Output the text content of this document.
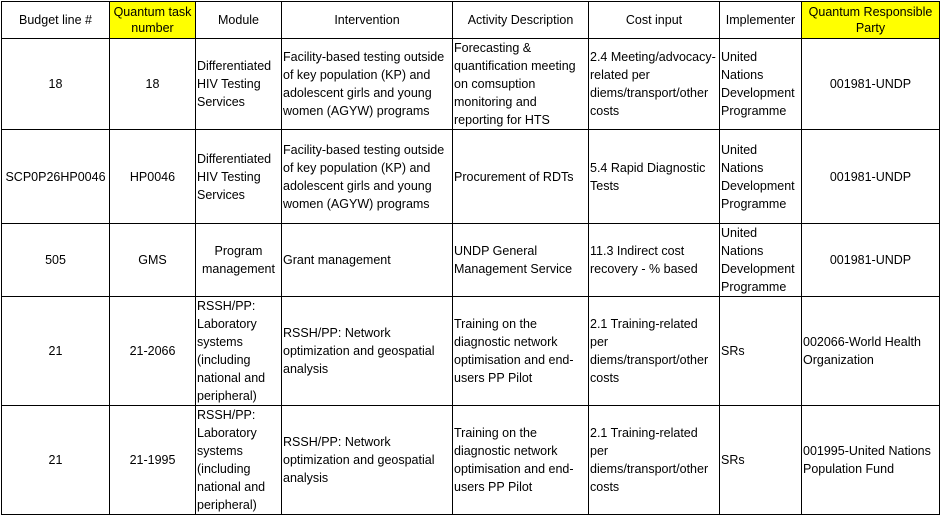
Budget line #	Quantum task number	Module	Intervention	Activity Description	Cost input	Implementer	Quantum Responsible Party
18	18	Differentiated HIV Testing Services	Facility-based testing outside of key population (KP) and adolescent girls and young women (AGYW) programs	Forecasting & quantification meeting on comsuption monitoring and reporting for HTS	2.4 Meeting/advocacy-related per diems/transport/other costs	United Nations Development Programme	001981-UNDP
SCP0P26HP0046	HP0046	Differentiated HIV Testing Services	Facility-based testing outside of key population (KP) and adolescent girls and young women (AGYW) programs	Procurement of RDTs	5.4 Rapid Diagnostic Tests	United Nations Development Programme	001981-UNDP
505	GMS	Program management	Grant management	UNDP General Management Service	11.3 Indirect cost recovery - % based	United Nations Development Programme	001981-UNDP
21	21-2066	RSSH/PP: Laboratory systems (including national and peripheral)	RSSH/PP: Network optimization and geospatial analysis	Training on the diagnostic network optimisation and end-users PP Pilot	2.1 Training-related per diems/transport/other costs	SRs	002066-World Health Organization
21	21-1995	RSSH/PP: Laboratory systems (including national and peripheral)	RSSH/PP: Network optimization and geospatial analysis	Training on the diagnostic network optimisation and end-users PP Pilot	2.1 Training-related per diems/transport/other costs	SRs	001995-United Nations Population Fund
